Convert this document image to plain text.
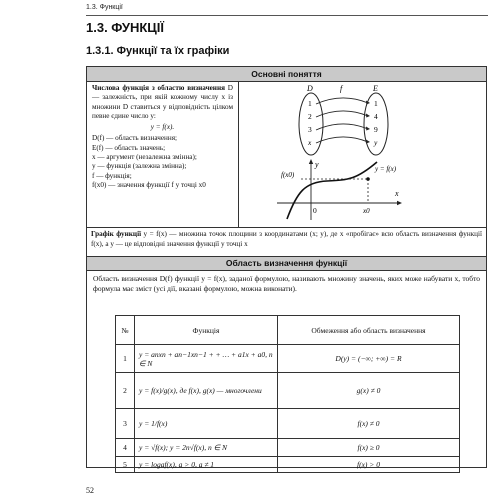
1.3. Функції
1.3. ФУНКЦІЇ
1.3.1. Функції та їх графіки
Основні поняття

Числова функція з областю визначення D — залежність, при якій кожному числу x із множини D ставиться у відповідність цілком певне єдине число y:

y = f(x).

D(f) — область визначення;

E(f) — область значень;

x — аргумент (незалежна змінна);

y — функція (залежна змінна);

f — функція;

f(x0) — значення функції f у точці x0

D	f	E
1
2
3
x
1
4
9
y
y
x
0
f(x0)
x0
y = f(x)
Графік функції y = f(x) — множина точок площини з координатами (x; y), де x «пробігає» всю область визначення функції f(x), а y — це відповідні значення функції у точці x
Область визначення функції
Область визначення D(f) функції y = f(x), заданої формулою, називають множину значень, яких може набувати x, тобто формула має зміст (усі дії, вказані формулою, можна виконати).
№	Функція	Обмеження або область визначення
1	y = anxn + an−1xn−1 + + … + a1x + a0, n ∈ N	D(y) = (−∞; +∞) = R
2	y = f(x)/g(x), де f(x), g(x) — многочлени	g(x) ≠ 0
3	y = 1/f(x)	f(x) ≠ 0
4	y = √f(x); y = 2n√f(x), n ∈ N	f(x) ≥ 0
5	y = logaf(x), a > 0, a ≠ 1	f(x) > 0
52
